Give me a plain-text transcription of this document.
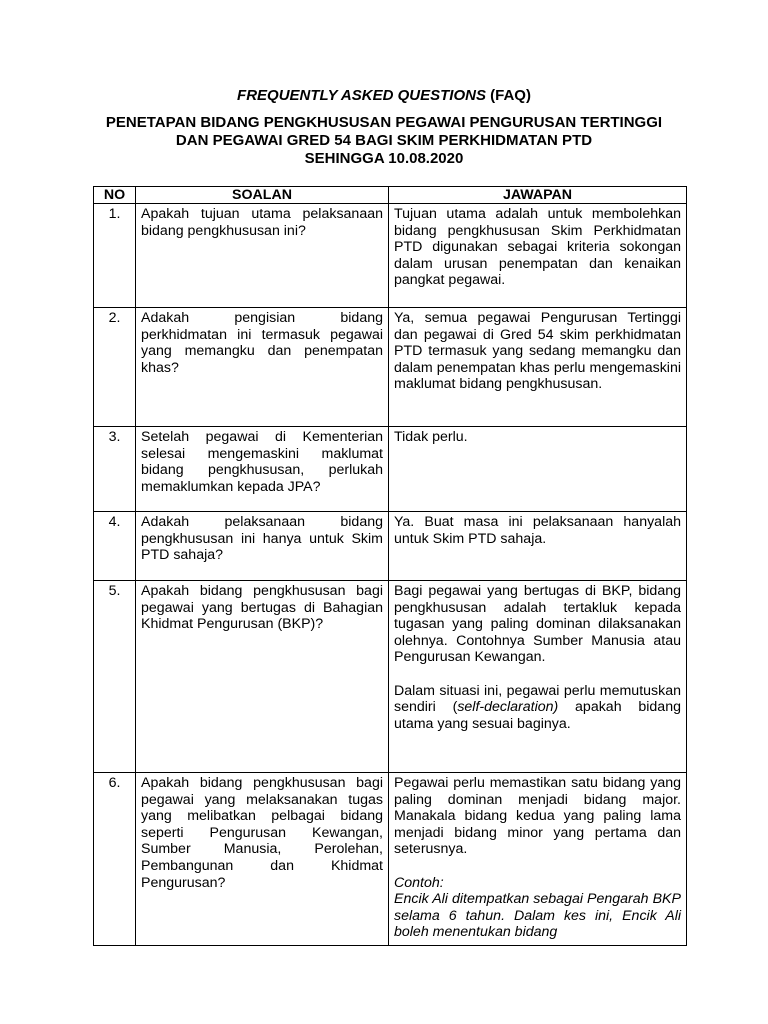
FREQUENTLY ASKED QUESTIONS (FAQ)
PENETAPAN BIDANG PENGKHUSUSAN PEGAWAI PENGURUSAN TERTINGGI
DAN PEGAWAI GRED 54 BAGI SKIM PERKHIDMATAN PTD
SEHINGGA 10.08.2020
NO	SOALAN	JAWAPAN
1.	Apakah tujuan utama pelaksanaan bidang pengkhususan ini?	Tujuan utama adalah untuk membolehkan bidang pengkhususan Skim Perkhidmatan PTD digunakan sebagai kriteria sokongan dalam urusan penempatan dan kenaikan pangkat pegawai.

2.	Adakah pengisian bidang perkhidmatan ini termasuk pegawai yang memangku dan penempatan khas?	Ya, semua pegawai Pengurusan Tertinggi dan pegawai di Gred 54 skim perkhidmatan PTD termasuk yang sedang memangku dan dalam penempatan khas perlu mengemaskini maklumat bidang pengkhususan.

3.	Setelah pegawai di Kementerian selesai mengemaskini maklumat bidang pengkhususan, perlukah memaklumkan kepada JPA?	Tidak perlu.

4.	Adakah pelaksanaan bidang pengkhususan ini hanya untuk Skim PTD sahaja?	Ya. Buat masa ini pelaksanaan hanyalah untuk Skim PTD sahaja.

5.	Apakah bidang pengkhususan bagi pegawai yang bertugas di Bahagian Khidmat Pengurusan (BKP)?	Bagi pegawai yang bertugas di BKP, bidang pengkhususan adalah tertakluk kepada tugasan yang paling dominan dilaksanakan olehnya. Contohnya Sumber Manusia atau Pengurusan Kewangan.

Dalam situasi ini, pegawai perlu memutuskan sendiri (self-declaration) apakah bidang utama yang sesuai baginya.

6.	Apakah bidang pengkhususan bagi pegawai yang melaksanakan tugas yang melibatkan pelbagai bidang seperti Pengurusan Kewangan, Sumber Manusia, Perolehan, Pembangunan dan Khidmat Pengurusan?	Pegawai perlu memastikan satu bidang yang paling dominan menjadi bidang major. Manakala bidang kedua yang paling lama menjadi bidang minor yang pertama dan seterusnya.
Contoh:
Encik Ali ditempatkan sebagai Pengarah BKP selama 6 tahun. Dalam kes ini, Encik Ali boleh menentukan bidang
